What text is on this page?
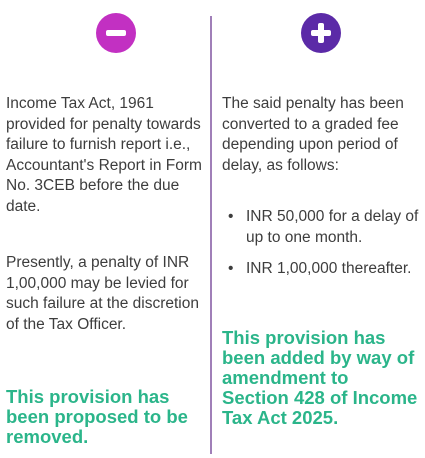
Income Tax Act, 1961 provided for penalty towards failure to furnish report i.e., Accountant's Report in Form No. 3CEB before the due date.

Presently, a penalty of INR 1,00,000 may be levied for such failure at the discretion of the Tax Officer.

This provision has been proposed to be removed.

The said penalty has been converted to a graded fee depending upon period of delay, as follows:

• INR 50,000 for a delay of up to one month.
• INR 1,00,000 thereafter.

This provision has been added by way of amendment to Section 428 of Income Tax Act 2025.
